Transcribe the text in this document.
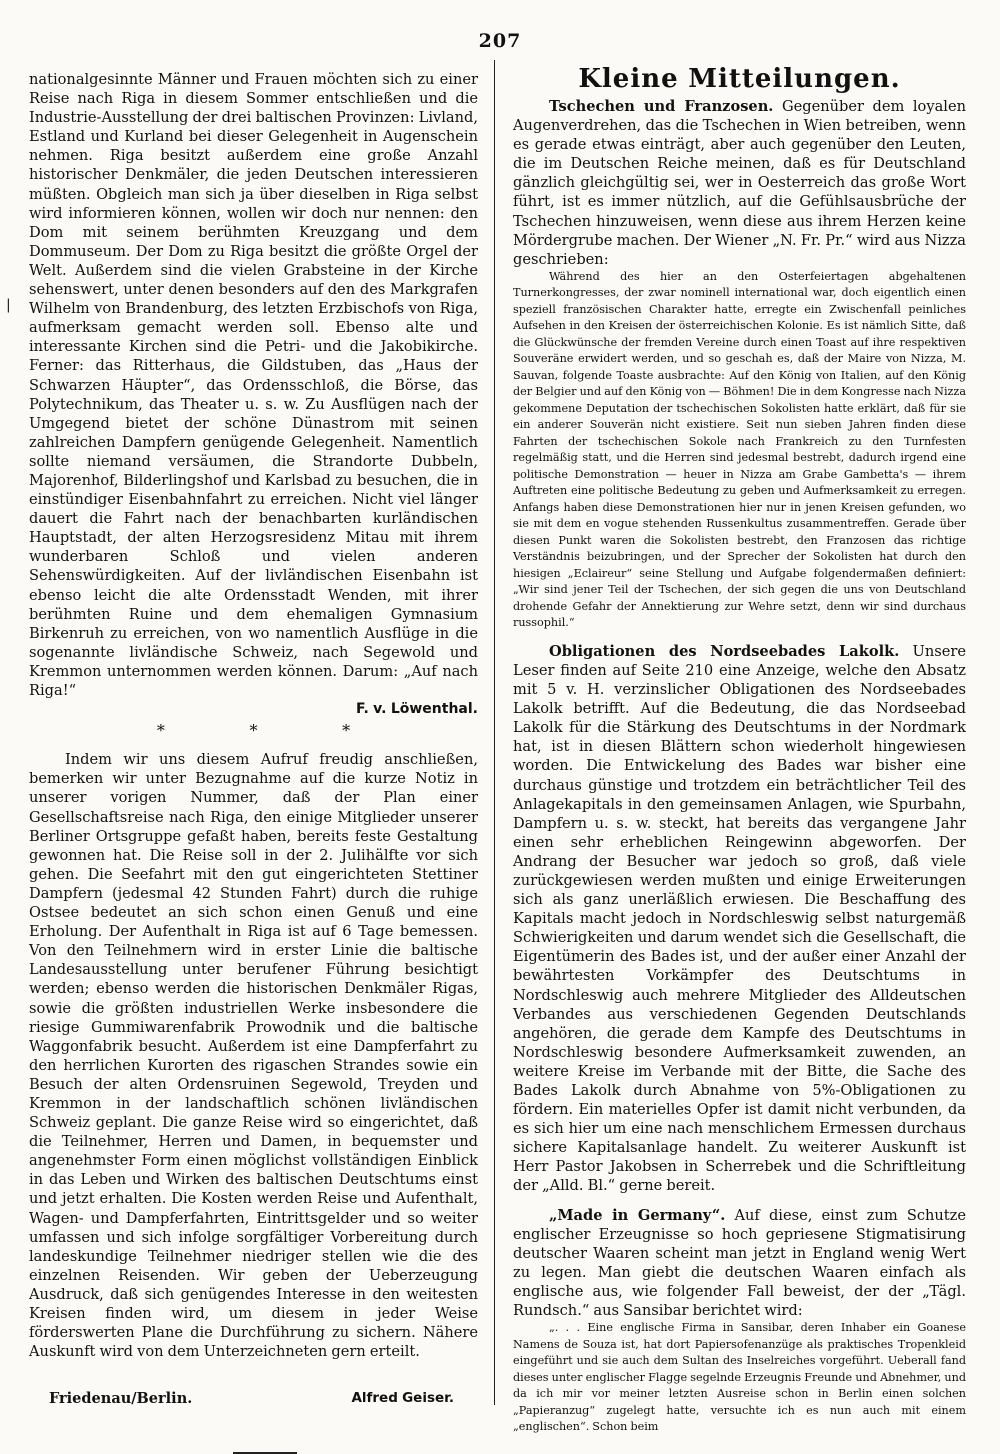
207
|

nationalgesinnte Männer und Frauen möchten sich zu einer Reise nach Riga in diesem Sommer entschließen und die Industrie-Ausstellung der drei baltischen Provinzen: Livland, Estland und Kurland bei dieser Gelegenheit in Augenschein nehmen. Riga besitzt außerdem eine große Anzahl historischer Denkmäler, die jeden Deutschen interessieren müßten. Obgleich man sich ja über dieselben in Riga selbst wird informieren können, wollen wir doch nur nennen: den Dom mit seinem berühmten Kreuzgang und dem Dommuseum. Der Dom zu Riga besitzt die größte Orgel der Welt. Außerdem sind die vielen Grabsteine in der Kirche sehenswert, unter denen besonders auf den des Markgrafen Wilhelm von Brandenburg, des letzten Erzbischofs von Riga, aufmerksam gemacht werden soll. Ebenso alte und interessante Kirchen sind die Petri- und die Jakobikirche. Ferner: das Ritterhaus, die Gildstuben, das „Haus der Schwarzen Häupter“, das Ordensschloß, die Börse, das Polytechnikum, das Theater u. s. w. Zu Ausflügen nach der Umgegend bietet der schöne Dünastrom mit seinen zahlreichen Dampfern genügende Gelegenheit. Namentlich sollte niemand versäumen, die Strandorte Dubbeln, Majorenhof, Bilderlingshof und Karlsbad zu besuchen, die in einstündiger Eisenbahnfahrt zu erreichen. Nicht viel länger dauert die Fahrt nach der benachbarten kurländischen Hauptstadt, der alten Herzogsresidenz Mitau mit ihrem wunderbaren Schloß und vielen anderen Sehenswürdigkeiten. Auf der livländischen Eisenbahn ist ebenso leicht die alte Ordensstadt Wenden, mit ihrer berühmten Ruine und dem ehemaligen Gymnasium Birkenruh zu erreichen, von wo namentlich Ausflüge in die sogenannte livländische Schweiz, nach Segewold und Kremmon unternommen werden können. Darum: „Auf nach Riga!“

F. v. Löwenthal.

* * *

Indem wir uns diesem Aufruf freudig anschließen, bemerken wir unter Bezugnahme auf die kurze Notiz in unserer vorigen Nummer, daß der Plan einer Gesellschaftsreise nach Riga, den einige Mitglieder unserer Berliner Ortsgruppe gefaßt haben, bereits feste Gestaltung gewonnen hat. Die Reise soll in der 2. Julihälfte vor sich gehen. Die Seefahrt mit den gut eingerichteten Stettiner Dampfern (jedesmal 42 Stunden Fahrt) durch die ruhige Ostsee bedeutet an sich schon einen Genuß und eine Erholung. Der Aufenthalt in Riga ist auf 6 Tage bemessen. Von den Teilnehmern wird in erster Linie die baltische Landesausstellung unter berufener Führung besichtigt werden; ebenso werden die historischen Denkmäler Rigas, sowie die größten industriellen Werke insbesondere die riesige Gummiwarenfabrik Prowodnik und die baltische Waggonfabrik besucht. Außerdem ist eine Dampferfahrt zu den herrlichen Kurorten des rigaschen Strandes sowie ein Besuch der alten Ordensruinen Segewold, Treyden und Kremmon in der landschaftlich schönen livländischen Schweiz geplant. Die ganze Reise wird so eingerichtet, daß die Teilnehmer, Herren und Damen, in bequemster und angenehmster Form einen möglichst vollständigen Einblick in das Leben und Wirken des baltischen Deutschtums einst und jetzt erhalten. Die Kosten werden Reise und Aufenthalt, Wagen- und Dampferfahrten, Eintrittsgelder und so weiter umfassen und sich infolge sorgfältiger Vorbereitung durch landeskundige Teilnehmer niedriger stellen wie die des einzelnen Reisenden. Wir geben der Ueberzeugung Ausdruck, daß sich genügendes Interesse in den weitesten Kreisen finden wird, um diesem in jeder Weise förderswerten Plane die Durchführung zu sichern. Nähere Auskunft wird von dem Unterzeichneten gern erteilt.

Friedenau/Berlin.	Alfred Geiser.
Kleine Mitteilungen.

Tschechen und Franzosen. Gegenüber dem loyalen Augenverdrehen, das die Tschechen in Wien betreiben, wenn es gerade etwas einträgt, aber auch gegenüber den Leuten, die im Deutschen Reiche meinen, daß es für Deutschland gänzlich gleichgültig sei, wer in Oesterreich das große Wort führt, ist es immer nützlich, auf die Gefühlsausbrüche der Tschechen hinzuweisen, wenn diese aus ihrem Herzen keine Mördergrube machen. Der Wiener „N. Fr. Pr.“ wird aus Nizza geschrieben:

Während des hier an den Osterfeiertagen abgehaltenen Turnerkongresses, der zwar nominell international war, doch eigentlich einen speziell französischen Charakter hatte, erregte ein Zwischenfall peinliches Aufsehen in den Kreisen der österreichischen Kolonie. Es ist nämlich Sitte, daß die Glückwünsche der fremden Vereine durch einen Toast auf ihre respektiven Souveräne erwidert werden, und so geschah es, daß der Maire von Nizza, M. Sauvan, folgende Toaste ausbrachte: Auf den König von Italien, auf den König der Belgier und auf den König von — Böhmen! Die in dem Kongresse nach Nizza gekommene Deputation der tschechischen Sokolisten hatte erklärt, daß für sie ein anderer Souverän nicht existiere. Seit nun sieben Jahren finden diese Fahrten der tschechischen Sokole nach Frankreich zu den Turnfesten regelmäßig statt, und die Herren sind jedesmal bestrebt, dadurch irgend eine politische Demonstration — heuer in Nizza am Grabe Gambetta's — ihrem Auftreten eine politische Bedeutung zu geben und Aufmerksamkeit zu erregen. Anfangs haben diese Demonstrationen hier nur in jenen Kreisen gefunden, wo sie mit dem en vogue stehenden Russenkultus zusammentreffen. Gerade über diesen Punkt waren die Sokolisten bestrebt, den Franzosen das richtige Verständnis beizubringen, und der Sprecher der Sokolisten hat durch den hiesigen „Eclaireur“ seine Stellung und Aufgabe folgendermaßen definiert: „Wir sind jener Teil der Tschechen, der sich gegen die uns von Deutschland drohende Gefahr der Annektierung zur Wehre setzt, denn wir sind durchaus russophil.“

Obligationen des Nordseebades Lakolk. Unsere Leser finden auf Seite 210 eine Anzeige, welche den Absatz mit 5 v. H. verzinslicher Obligationen des Nordseebades Lakolk betrifft. Auf die Bedeutung, die das Nordseebad Lakolk für die Stärkung des Deutschtums in der Nordmark hat, ist in diesen Blättern schon wiederholt hingewiesen worden. Die Entwickelung des Bades war bisher eine durchaus günstige und trotzdem ein beträchtlicher Teil des Anlagekapitals in den gemeinsamen Anlagen, wie Spurbahn, Dampfern u. s. w. steckt, hat bereits das vergangene Jahr einen sehr erheblichen Reingewinn abgeworfen. Der Andrang der Besucher war jedoch so groß, daß viele zurückgewiesen werden mußten und einige Erweiterungen sich als ganz unerläßlich erwiesen. Die Beschaffung des Kapitals macht jedoch in Nordschleswig selbst naturgemäß Schwierigkeiten und darum wendet sich die Gesellschaft, die Eigentümerin des Bades ist, und der außer einer Anzahl der bewährtesten Vorkämpfer des Deutschtums in Nordschleswig auch mehrere Mitglieder des Alldeutschen Verbandes aus verschiedenen Gegenden Deutschlands angehören, die gerade dem Kampfe des Deutschtums in Nordschleswig besondere Aufmerksamkeit zuwenden, an weitere Kreise im Verbande mit der Bitte, die Sache des Bades Lakolk durch Abnahme von 5%-Obligationen zu fördern. Ein materielles Opfer ist damit nicht verbunden, da es sich hier um eine nach menschlichem Ermessen durchaus sichere Kapitalsanlage handelt. Zu weiterer Auskunft ist Herr Pastor Jakobsen in Scherrebek und die Schriftleitung der „Alld. Bl.“ gerne bereit.

„Made in Germany“. Auf diese, einst zum Schutze englischer Erzeugnisse so hoch gepriesene Stigmatisirung deutscher Waaren scheint man jetzt in England wenig Wert zu legen. Man giebt die deutschen Waaren einfach als englische aus, wie folgender Fall beweist, der der „Tägl. Rundsch.“ aus Sansibar berichtet wird:

„. . . Eine englische Firma in Sansibar, deren Inhaber ein Goanese Namens de Souza ist, hat dort Papiersofenanzüge als praktisches Tropenkleid eingeführt und sie auch dem Sultan des Inselreiches vorgeführt. Ueberall fand dieses unter englischer Flagge segelnde Erzeugnis Freunde und Abnehmer, und da ich mir vor meiner letzten Ausreise schon in Berlin einen solchen „Papieranzug“ zugelegt hatte, versuchte ich es nun auch mit einem „englischen“. Schon beim
